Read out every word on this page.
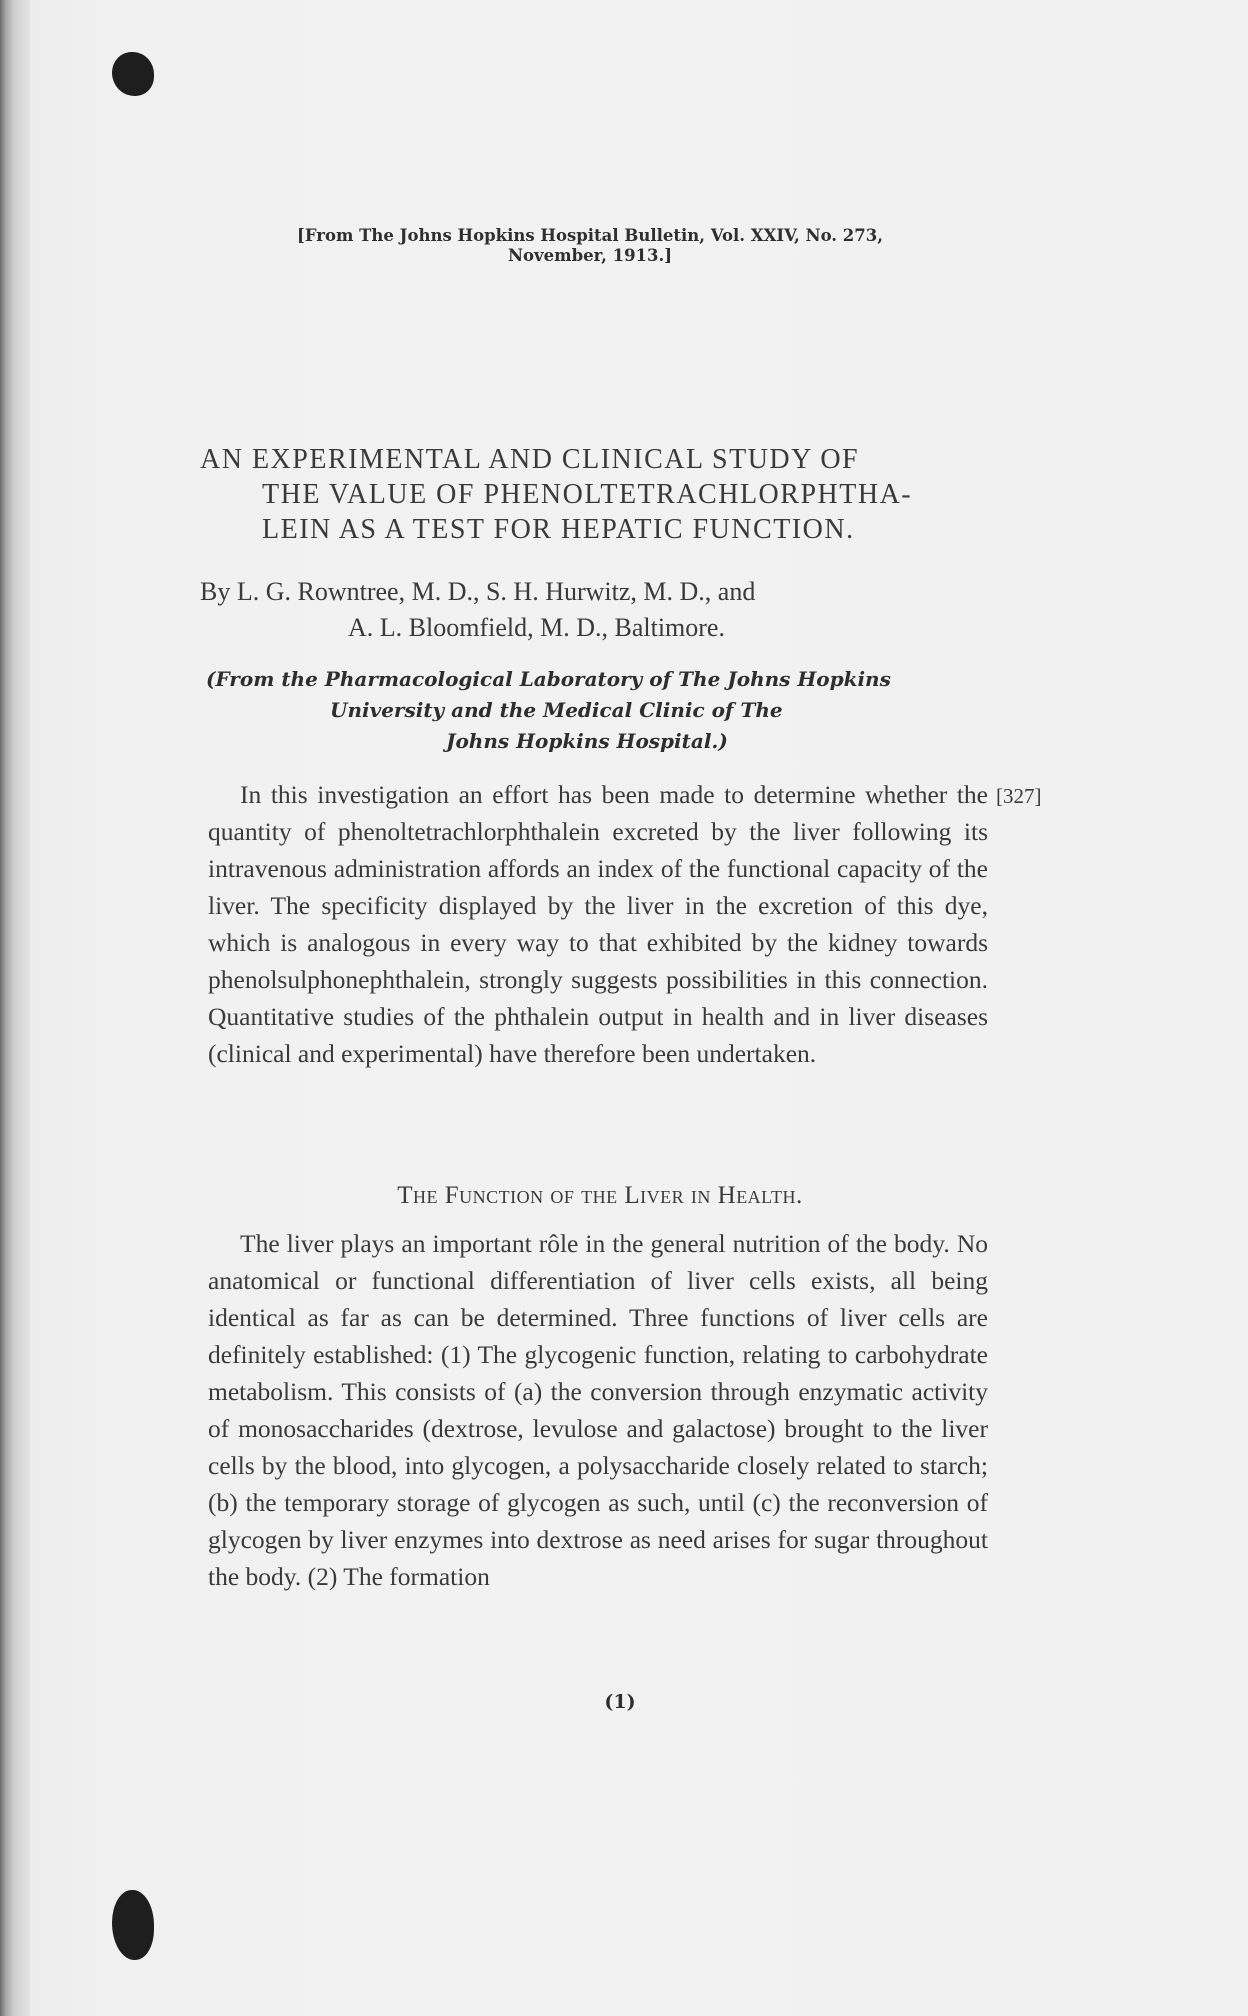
[From The Johns Hopkins Hospital Bulletin, Vol. XXIV, No. 273,
November, 1913.]
AN EXPERIMENTAL AND CLINICAL STUDY OF
THE VALUE OF PHENOLTETRACHLORPHTHA-
LEIN AS A TEST FOR HEPATIC FUNCTION.
By L. G. Rowntree, M. D., S. H. Hurwitz, M. D., and
A. L. Bloomfield, M. D., Baltimore.
(From the Pharmacological Laboratory of The Johns Hopkins
University and the Medical Clinic of The
Johns Hopkins Hospital.)
[327]

In this investigation an effort has been made to determine whether the quantity of phenoltetrachlorphthalein excreted by the liver following its intravenous administration affords an index of the functional capacity of the liver. The specificity displayed by the liver in the excretion of this dye, which is analogous in every way to that exhibited by the kidney towards phenolsulphonephthalein, strongly suggests possibilities in this connection. Quantitative studies of the phthalein output in health and in liver diseases (clinical and experimental) have therefore been undertaken.

The Function of the Liver in Health.

The liver plays an important rôle in the general nutrition of the body. No anatomical or functional differentiation of liver cells exists, all being identical as far as can be determined. Three functions of liver cells are definitely established: (1) The glycogenic function, relating to carbohydrate metabolism. This consists of (a) the conversion through enzymatic activity of monosaccharides (dextrose, levulose and galactose) brought to the liver cells by the blood, into glycogen, a polysaccharide closely related to starch; (b) the temporary storage of glycogen as such, until (c) the reconversion of glycogen by liver enzymes into dextrose as need arises for sugar throughout the body. (2) The formation

(1)
